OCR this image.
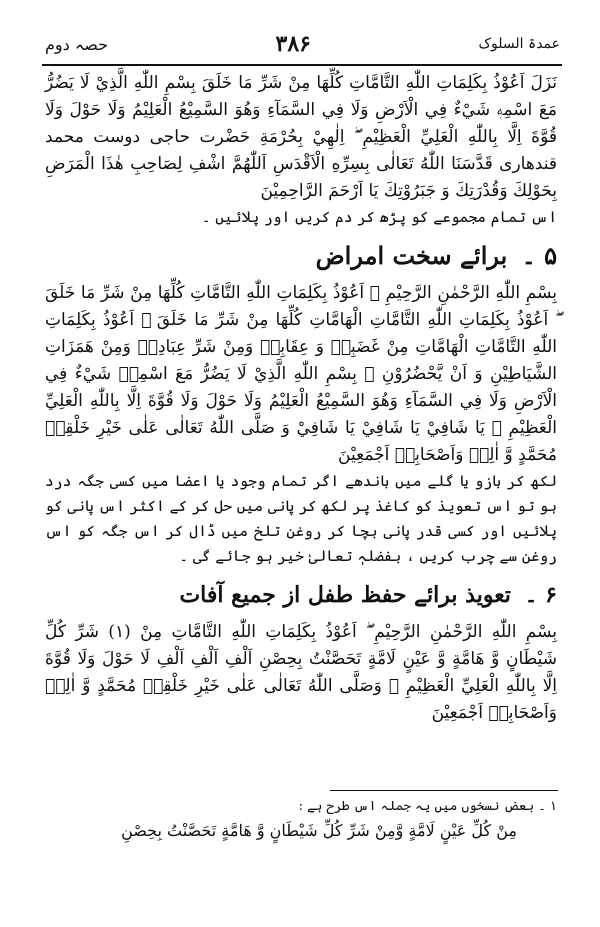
عمدۃ السلوک
۳۸۶
حصہ دوم

نَزَلَ اَعُوْذُ بِكَلِمَاتِ اللّٰهِ التَّامَّاتِ كُلِّهَا مِنْ شَرِّ مَا خَلَقَ بِسْمِ اللّٰهِ الَّذِيْ لَا يَضُرُّ مَعَ اسْمِهٖ شَيْءٌ فِي الْاَرْضِ وَلَا فِي السَّمَآءِ وَهُوَ السَّمِيْعُ الْعَلِيْمُ وَلَا حَوْلَ وَلَا قُوَّةَ اِلَّا بِاللّٰهِ الْعَلِيِّ الْعَظِيْمِ ۖ اِلٰهِيْ بِحُرْمَةِ حَضْرت حاجی دوست محمد قندھاری قَدَّسَنَا اللّٰهُ تَعَالٰى بِسِرِّهِ الْاَقْدَسِ اَللّٰهُمَّ اشْفِ لِصَاحِبِ هٰذَا الْمَرَضِ بِحَوْلِكَ وَقُدْرَتِكَ وَ جَبَرُوْتِكَ يَا اَرْحَمَ الرَّاحِمِيْنَ

اس تمام مجموعے کو پڑھ کر دم کریں اور پلائیں ۔

۵ ۔ برائے سخت امراض

بِسْمِ اللّٰهِ الرَّحْمٰنِ الرَّحِيْمِ ۖ اَعُوْذُ بِكَلِمَاتِ اللّٰهِ التَّامَّاتِ كُلِّهَا مِنْ شَرِّ مَا خَلَقَ ۖ اَعُوْذُ بِكَلِمَاتِ اللّٰهِ التَّامَّاتِ الْهَامَّاتِ كُلِّهَا مِنْ شَرِّ مَا خَلَقَ ۖ اَعُوْذُ بِكَلِمَاتِ اللّٰهِ التَّامَّاتِ الْهَامَّاتِ مِنْ غَضَبِهٖ وَ عِقَابِهٖ وَمِنْ شَرِّ عِبَادِهٖ وَمِنْ هَمَزَاتِ الشَّيَاطِيْنِ وَ اَنْ يَّحْضُرُوْنِ ۖ بِسْمِ اللّٰهِ الَّذِيْ لَا يَضُرُّ مَعَ اسْمِهٖ شَيْءٌ فِي الْاَرْضِ وَلَا فِي السَّمَآءِ وَهُوَ السَّمِيْعُ الْعَلِيْمُ وَلَا حَوْلَ وَلَا قُوَّةَ اِلَّا بِاللّٰهِ الْعَلِيِّ الْعَظِيْمِ ۖ يَا شَافِيْ يَا شَافِيْ يَا شَافِيْ وَ صَلَّى اللّٰهُ تَعَالٰى عَلٰى خَيْرِ خَلْقِهٖ مُحَمَّدٍ وَّ اٰلِهٖ وَاَصْحَابِهٖ اَجْمَعِيْنَ

لکھ کر بازو یا گلے میں باندھے اگر تمام وجود یا اعضا میں کسی جگہ درد ہو تو اس تعویذ کو کاغذ پر لکھ کر پانی میں حل کر کے اکثر اس پانی کو پلائیں اور کسی قدر پانی بچا کر روغن تلخ میں ڈال کر اس جگہ کو اس روغن سے چرب کریں ، بفضلہٖ تعالیٰ خیر ہو جائے گی ۔

۶ ۔ تعویذ برائے حفظ طفل از جمیع آفات

بِسْمِ اللّٰهِ الرَّحْمٰنِ الرَّحِيْمِ ۖ اَعُوْذُ بِكَلِمَاتِ اللّٰهِ التَّامَّاتِ مِنْ (۱) شَرِّ كُلِّ شَيْطَانٍ وَّ هَامَّةٍ وَّ عَيْنٍ لَامَّةٍ تَحَصَّنْتُ بِحِصْنِ اَلْفِ اَلْفِ اَلْفِ لَا حَوْلَ وَلَا قُوَّةَ اِلَّا بِاللّٰهِ الْعَلِيِّ الْعَظِيْمِ ۖ وَصَلَّى اللّٰهُ تَعَالٰى عَلٰى خَيْرِ خَلْقِهٖ مُحَمَّدٍ وَّ اٰلِهٖ وَاَصْحَابِهٖ اَجْمَعِيْنَ

۱ ۔ بعض نسخوں میں یہ جملہ اس طرح ہے :

مِنْ كُلِّ عَيْنٍ لَامَّةٍ وَّمِنْ شَرِّ كُلِّ شَيْطَانٍ وَّ هَامَّةٍ تَحَصَّنْتُ بِحِصْنِ
